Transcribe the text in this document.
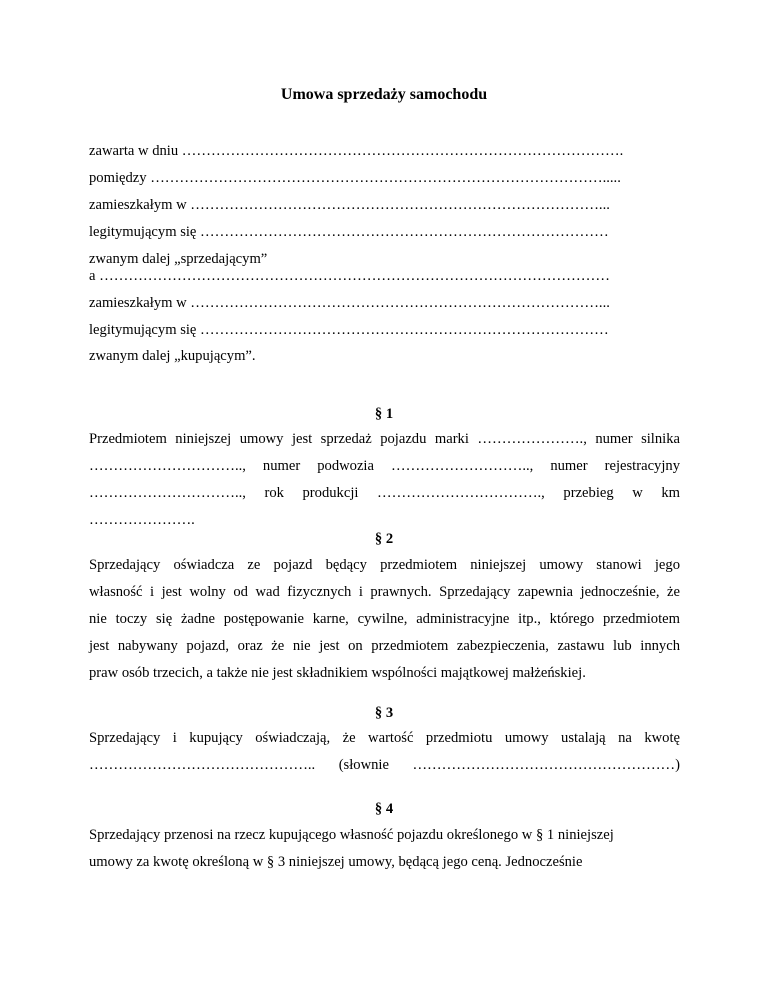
Umowa sprzedaży samochodu
zawarta w dniu ……………………………………………………………………………….
pomiędzy ………………………………………………………………………………….....
zamieszkałym w …………………………………………………………………………...
legitymującym się …………………………………………………………………………
zwanym dalej „sprzedającym”
a ……………………………………………………………………………………………
zamieszkałym w …………………………………………………………………………...
legitymującym się …………………………………………………………………………
zwanym dalej „kupującym”.
§ 1
Przedmiotem niniejszej umowy jest sprzedaż pojazdu marki …………………., numer silnika
………………………….., numer podwozia ……………………….., numer rejestracyjny
………………………….., rok produkcji ……………………………., przebieg w km
………………….
§ 2
Sprzedający oświadcza ze pojazd będący przedmiotem niniejszej umowy stanowi jego
własność i jest wolny od wad fizycznych i prawnych. Sprzedający zapewnia jednocześnie, że
nie toczy się żadne postępowanie karne, cywilne, administracyjne itp., którego przedmiotem
jest nabywany pojazd, oraz że nie jest on przedmiotem zabezpieczenia, zastawu lub innych
praw osób trzecich, a także nie jest składnikiem wspólności majątkowej małżeńskiej.
§ 3
Sprzedający i kupujący oświadczają, że wartość przedmiotu umowy ustalają na kwotę
……………………………………….. (słownie ………………………………………………)
§ 4
Sprzedający przenosi na rzecz kupującego własność pojazdu określonego w § 1 niniejszej
umowy za kwotę określoną w § 3 niniejszej umowy, będącą jego ceną. Jednocześnie
